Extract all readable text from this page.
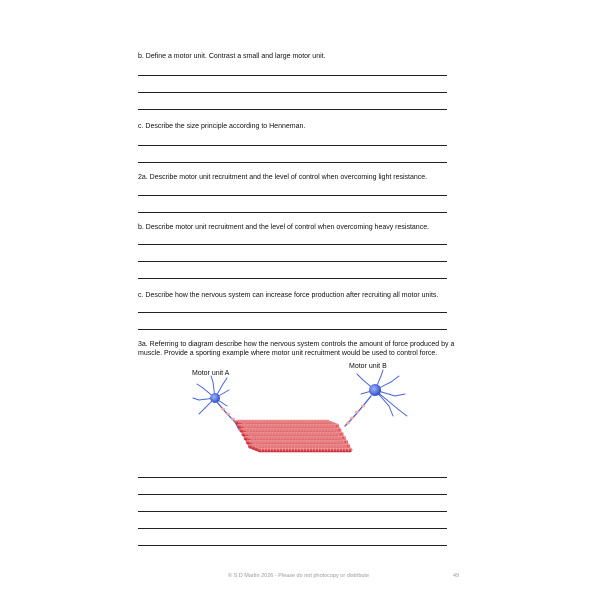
b. Define a motor unit. Contrast a small and large motor unit.
c. Describe the size principle according to Henneman.
2a. Describe motor unit recruitment and the level of control when overcoming light resistance.
b. Describe motor unit recruitment and the level of control when overcoming heavy resistance.
c. Describe how the nervous system can increase force production after recruiting all motor units.
3a. Referring to diagram describe how the nervous system controls the amount of force produced by a muscle. Provide a sporting example where motor unit recruitment would be used to control force.
Motor unit A
Motor unit B
© S D Martin 2026 - Please do not photocopy or distribute	49
